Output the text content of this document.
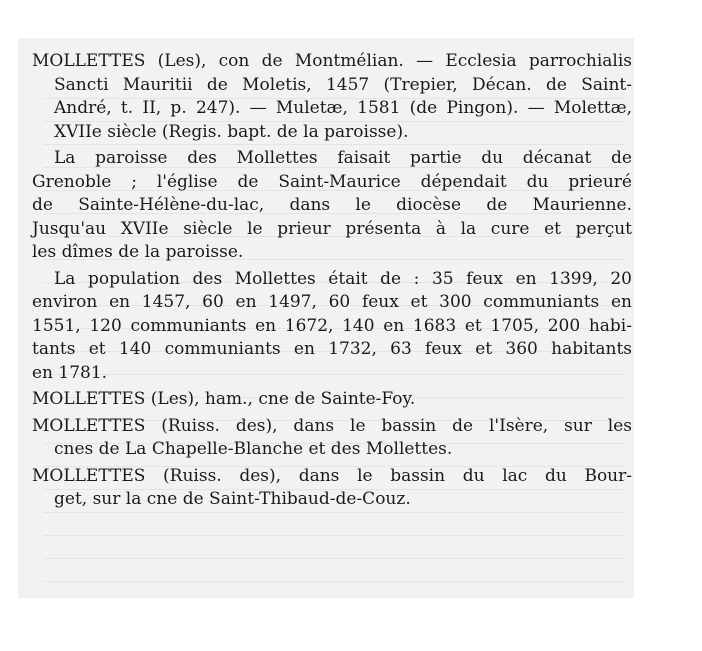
MOLLETTES (Les), con de Montmélian. — Ecclesia parrochialis
Sancti Mauritii de Moletis, 1457 (Trepier, Décan. de Saint-
André, t. II, p. 247). — Muletæ, 1581 (de Pingon). — Molettæ,
XVIIe siècle (Regis. bapt. de la paroisse).
La paroisse des Mollettes faisait partie du décanat de
Grenoble ; l'église de Saint-Maurice dépendait du prieuré
de Sainte-Hélène-du-lac, dans le diocèse de Maurienne.
Jusqu'au XVIIe siècle le prieur présenta à la cure et perçut
les dîmes de la paroisse.
La population des Mollettes était de : 35 feux en 1399, 20
environ en 1457, 60 en 1497, 60 feux et 300 communiants en
1551, 120 communiants en 1672, 140 en 1683 et 1705, 200 habi-
tants et 140 communiants en 1732, 63 feux et 360 habitants
en 1781.
MOLLETTES (Les), ham., cne de Sainte-Foy.
MOLLETTES (Ruiss. des), dans le bassin de l'Isère, sur les
cnes de La Chapelle-Blanche et des Mollettes.
MOLLETTES (Ruiss. des), dans le bassin du lac du Bour-
get, sur la cne de Saint-Thibaud-de-Couz.
